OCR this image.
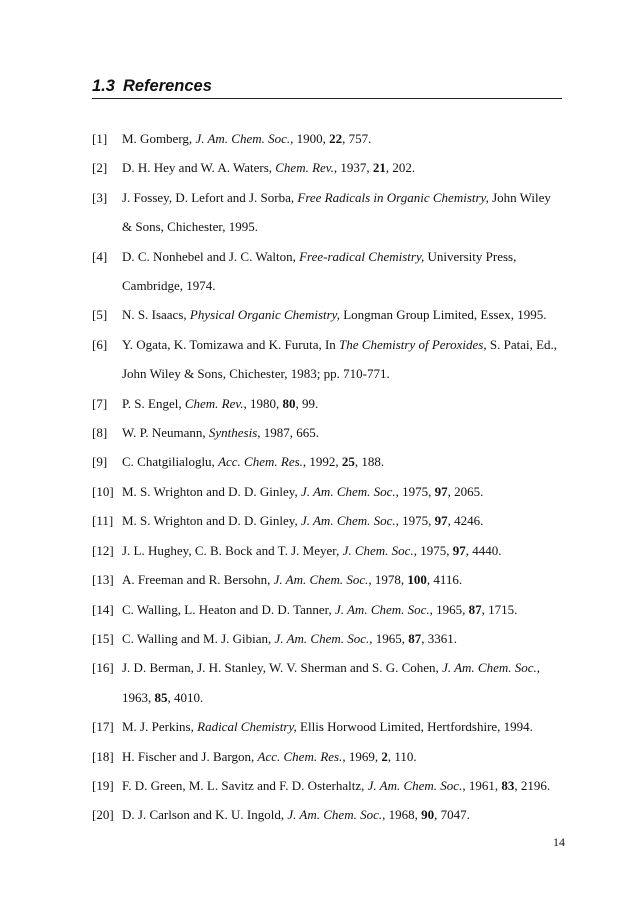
1.3 References
[1] M. Gomberg, J. Am. Chem. Soc., 1900, 22, 757.
[2] D. H. Hey and W. A. Waters, Chem. Rev., 1937, 21, 202.
[3] J. Fossey, D. Lefort and J. Sorba, Free Radicals in Organic Chemistry, John Wiley
& Sons, Chichester, 1995.
[4] D. C. Nonhebel and J. C. Walton, Free-radical Chemistry, University Press,
Cambridge, 1974.
[5] N. S. Isaacs, Physical Organic Chemistry, Longman Group Limited, Essex, 1995.
[6] Y. Ogata, K. Tomizawa and K. Furuta, In The Chemistry of Peroxides, S. Patai, Ed.,
John Wiley & Sons, Chichester, 1983; pp. 710-771.
[7] P. S. Engel, Chem. Rev., 1980, 80, 99.
[8] W. P. Neumann, Synthesis, 1987, 665.
[9] C. Chatgilialoglu, Acc. Chem. Res., 1992, 25, 188.
[10] M. S. Wrighton and D. D. Ginley, J. Am. Chem. Soc., 1975, 97, 2065.
[11] M. S. Wrighton and D. D. Ginley, J. Am. Chem. Soc., 1975, 97, 4246.
[12] J. L. Hughey, C. B. Bock and T. J. Meyer, J. Chem. Soc., 1975, 97, 4440.
[13] A. Freeman and R. Bersohn, J. Am. Chem. Soc., 1978, 100, 4116.
[14] C. Walling, L. Heaton and D. D. Tanner, J. Am. Chem. Soc., 1965, 87, 1715.
[15] C. Walling and M. J. Gibian, J. Am. Chem. Soc., 1965, 87, 3361.
[16] J. D. Berman, J. H. Stanley, W. V. Sherman and S. G. Cohen, J. Am. Chem. Soc.,
1963, 85, 4010.
[17] M. J. Perkins, Radical Chemistry, Ellis Horwood Limited, Hertfordshire, 1994.
[18] H. Fischer and J. Bargon, Acc. Chem. Res., 1969, 2, 110.
[19] F. D. Green, M. L. Savitz and F. D. Osterhaltz, J. Am. Chem. Soc., 1961, 83, 2196.
[20] D. J. Carlson and K. U. Ingold, J. Am. Chem. Soc., 1968, 90, 7047.
14
